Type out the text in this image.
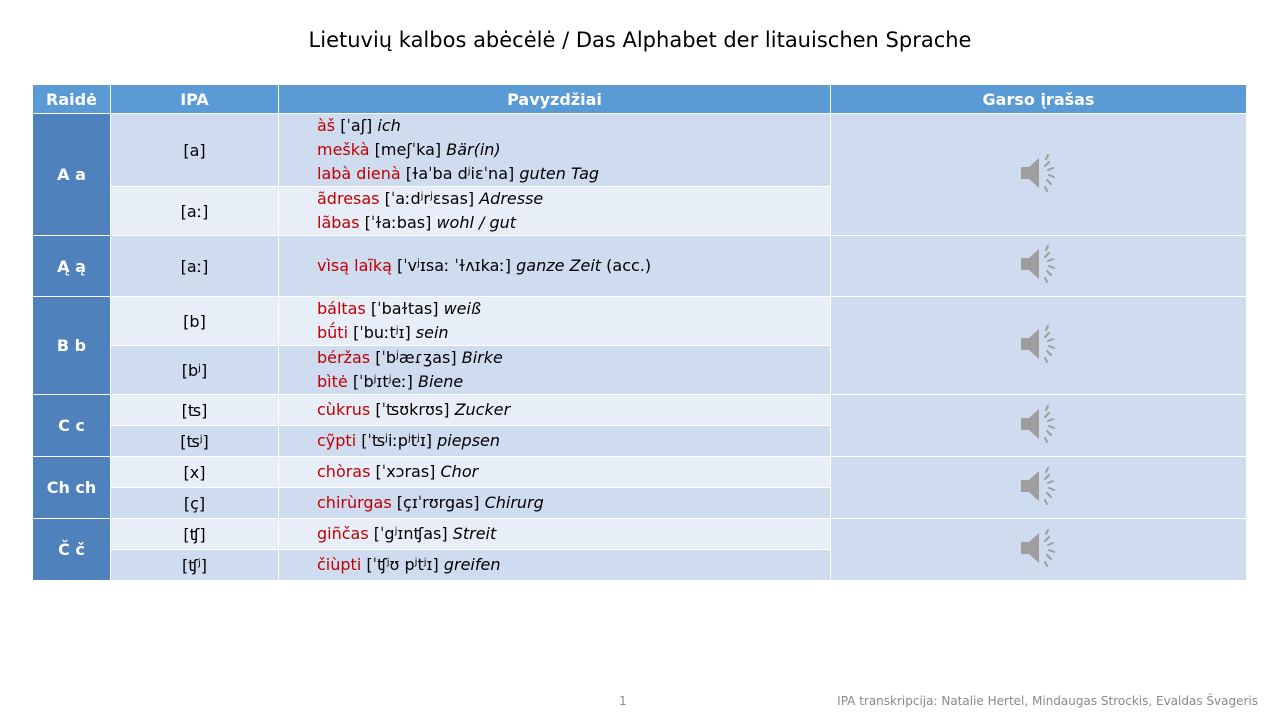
Lietuvių kalbos abėcėlė / Das Alphabet der litauischen Sprache
Raidė	IPA	Pavyzdžiai	Garso įrašas
A a	[a]	àš [ˈaʃ] ich
meškà [meʃˈka] Bär(in)
labà dienà [ɫaˈba dʲiɛˈna] guten Tag

	[aː]	ãdresas [ˈaːdʲrʲɛsas] Adresse
lãbas [ˈɫaːbas] wohl / gut	

Ą ą	[aː]	vìsą laĩką [ˈvʲɪsaː ˈɫʌɪkaː] ganze Zeit (acc.)

B b	[b]	báltas [ˈbaɫtas] weiß
bū́ti [ˈbuːtʲɪ] sein

	[bʲ]	béržas [ˈbʲæɾʒas] Birke
bìtė [ˈbʲɪtʲeː] Biene	

C c	[ʦ]	cùkrus [ˈʦʊkrʊs] Zucker

	[ʦʲ]	cỹpti [ˈʦʲiːpʲtʲɪ] piepsen	

Ch ch	[x]	chòras [ˈxɔras] Chor

	[ç]	chirùrgas [çɪˈrʊrgas] Chirurg	

Č č	[ʧ]	giñčas [ˈgʲɪnʧas] Streit

	[ʧʲ]	čiùpti [ˈʧʲʊ pʲtʲɪ] greifen	
1	IPA transkripcija: Natalie Hertel, Mindaugas Strockis, Evaldas Švageris
